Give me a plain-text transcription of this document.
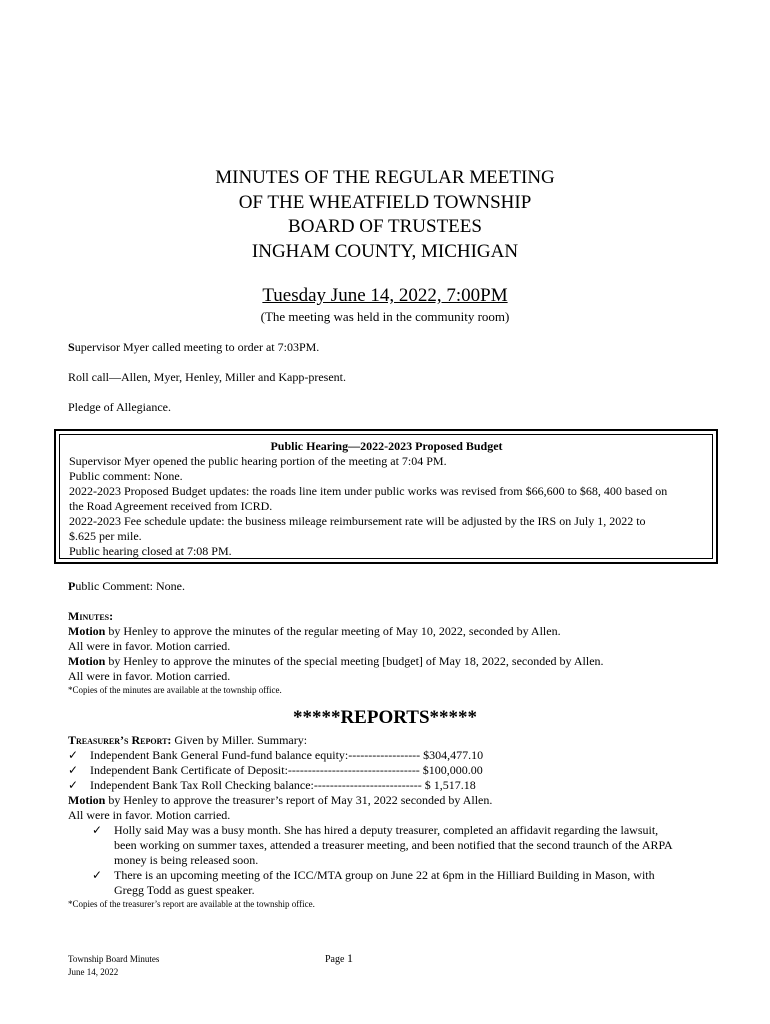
MINUTES OF THE REGULAR MEETING
OF THE WHEATFIELD TOWNSHIP
BOARD OF TRUSTEES
INGHAM COUNTY, MICHIGAN
Tuesday June 14, 2022, 7:00PM
(The meeting was held in the community room)
Supervisor Myer called meeting to order at 7:03PM.
Roll call—Allen, Myer, Henley, Miller and Kapp-present.
Pledge of Allegiance.
Public Hearing—2022-2023 Proposed Budget
Supervisor Myer opened the public hearing portion of the meeting at 7:04 PM.
Public comment: None.
2022-2023 Proposed Budget updates: the roads line item under public works was revised from $66,600 to $68, 400 based on
the Road Agreement received from ICRD.
2022-2023 Fee schedule update: the business mileage reimbursement rate will be adjusted by the IRS on July 1, 2022 to
$.625 per mile.
Public hearing closed at 7:08 PM.
Public Comment: None.
Minutes:
Motion by Henley to approve the minutes of the regular meeting of May 10, 2022, seconded by Allen.
All were in favor. Motion carried.
Motion by Henley to approve the minutes of the special meeting [budget] of May 18, 2022, seconded by Allen.
All were in favor. Motion carried.
*Copies of the minutes are available at the township office.
*****REPORTS*****
Treasurer’s Report: Given by Miller. Summary:
✓ Independent Bank General Fund-fund balance equity:------------------ $304,477.10
✓ Independent Bank Certificate of Deposit:--------------------------------- $100,000.00
✓ Independent Bank Tax Roll Checking balance:--------------------------- $ 1,517.18
Motion by Henley to approve the treasurer’s report of May 31, 2022 seconded by Allen.
All were in favor. Motion carried.
✓ Holly said May was a busy month. She has hired a deputy treasurer, completed an affidavit regarding the lawsuit,
been working on summer taxes, attended a treasurer meeting, and been notified that the second traunch of the ARPA
money is being released soon.
✓ There is an upcoming meeting of the ICC/MTA group on June 22 at 6pm in the Hilliard Building in Mason, with
Gregg Todd as guest speaker.
*Copies of the treasurer’s report are available at the township office.
Township Board Minutes
June 14, 2022
Page 1
